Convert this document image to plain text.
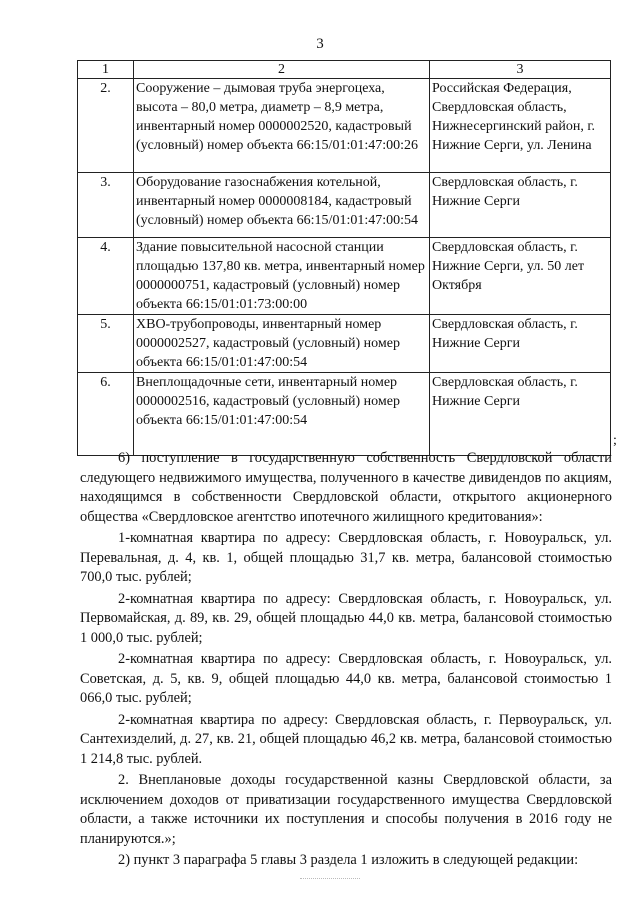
3
1	2	3
2.	Сооружение – дымовая труба энергоцеха, высота – 80,0 метра, диаметр – 8,9 метра, инвентарный номер 0000002520, кадастровый (условный) номер объекта 66:15/01:01:47:00:26	Российская Федерация, Свердловская область, Нижнесергинский район, г. Нижние Серги, ул. Ленина
3.	Оборудование газоснабжения котельной, инвентарный номер 0000008184, кадастровый (условный) номер объекта 66:15/01:01:47:00:54	Свердловская область, г. Нижние Серги
4.	Здание повысительной насосной станции площадью 137,80 кв. метра, инвентарный номер 0000000751, кадастровый (условный) номер объекта 66:15/01:01:73:00:00	Свердловская область, г. Нижние Серги, ул. 50 лет Октября
5.	ХВО-трубопроводы, инвентарный номер 0000002527, кадастровый (условный) номер объекта 66:15/01:01:47:00:54	Свердловская область, г. Нижние Серги
6.	Внеплощадочные сети, инвентарный номер 0000002516, кадастровый (условный) номер объекта 66:15/01:01:47:00:54	Свердловская область, г. Нижние Серги
;

6) поступление в государственную собственность Свердловской области следующего недвижимого имущества, полученного в качестве дивидендов по акциям, находящимся в собственности Свердловской области, открытого акционерного общества «Свердловское агентство ипотечного жилищного кредитования»:

1-комнатная квартира по адресу: Свердловская область, г. Новоуральск, ул. Перевальная, д. 4, кв. 1, общей площадью 31,7 кв. метра, балансовой стоимостью 700,0 тыс. рублей;

2-комнатная квартира по адресу: Свердловская область, г. Новоуральск, ул. Первомайская, д. 89, кв. 29, общей площадью 44,0 кв. метра, балансовой стоимостью 1 000,0 тыс. рублей;

2-комнатная квартира по адресу: Свердловская область, г. Новоуральск, ул. Советская, д. 5, кв. 9, общей площадью 44,0 кв. метра, балансовой стоимостью 1 066,0 тыс. рублей;

2-комнатная квартира по адресу: Свердловская область, г. Первоуральск, ул. Сантехизделий, д. 27, кв. 21, общей площадью 46,2 кв. метра, балансовой стоимостью 1 214,8 тыс. рублей.

2. Внеплановые доходы государственной казны Свердловской области, за исключением доходов от приватизации государственного имущества Свердловской области, а также источники их поступления и способы получения в 2016 году не планируются.»;

2) пункт 3 параграфа 5 главы 3 раздела 1 изложить в следующей редакции:
